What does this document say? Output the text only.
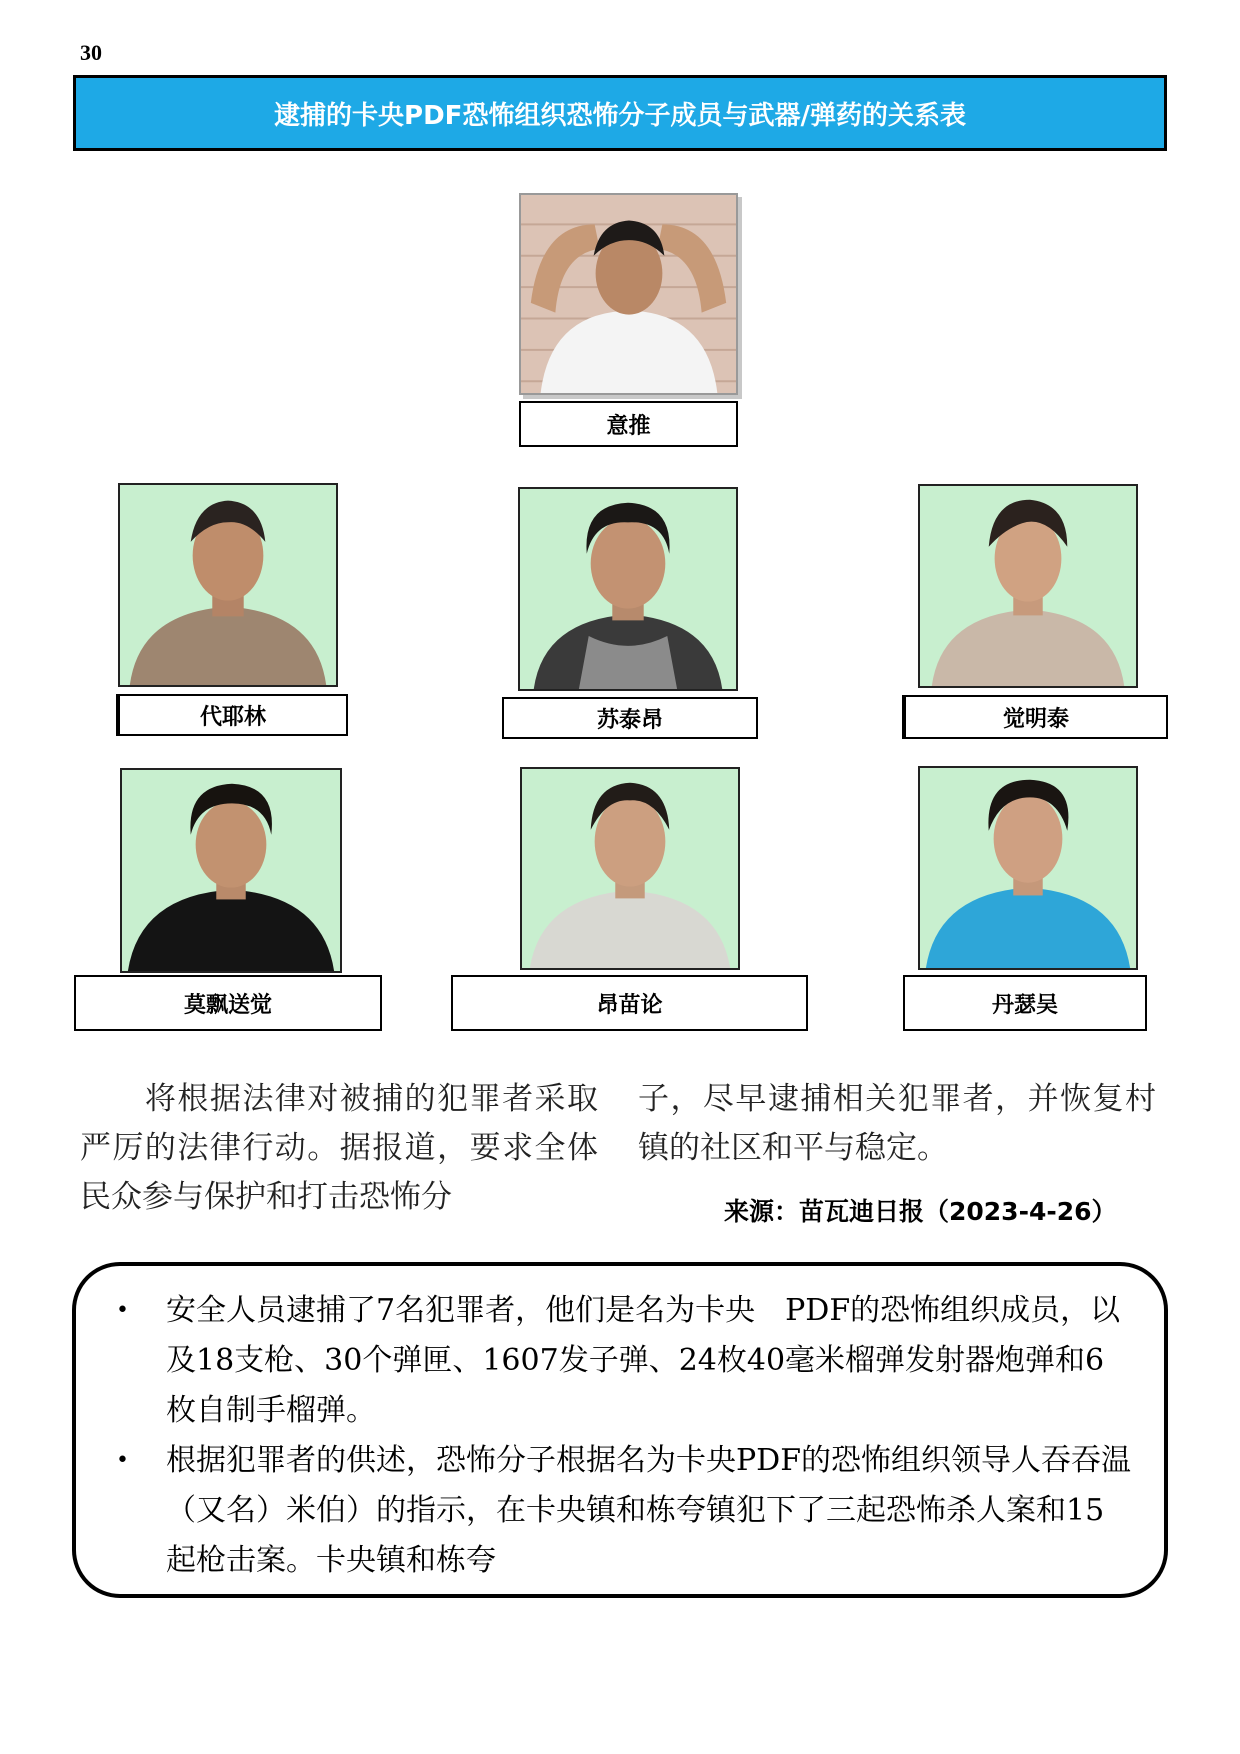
30
逮捕的卡央PDF恐怖组织恐怖分子成员与武器/弹药的关系表
意推
代耶林	苏泰昂	觉明泰
莫飘送觉	昂苗论	丹瑟吴
　　将根据法律对被捕的犯罪者采取严厉的法律行动。据报道，要求全体民众参与保护和打击恐怖分
子，尽早逮捕相关犯罪者，并恢复村镇的社区和平与稳定。
来源：苗瓦迪日报（2023-4-26）
•	安全人员逮捕了7名犯罪者，他们是名为卡央　PDF的恐怖组织成员，以及18支枪、30个弹匣、1607发子弹、24枚40毫米榴弹发射器炮弹和6枚自制手榴弹。
•	根据犯罪者的供述，恐怖分子根据名为卡央PDF的恐怖组织领导人吞吞温（又名）米伯）的指示，在卡央镇和栋夸镇犯下了三起恐怖杀人案和15起枪击案。卡央镇和栋夸
